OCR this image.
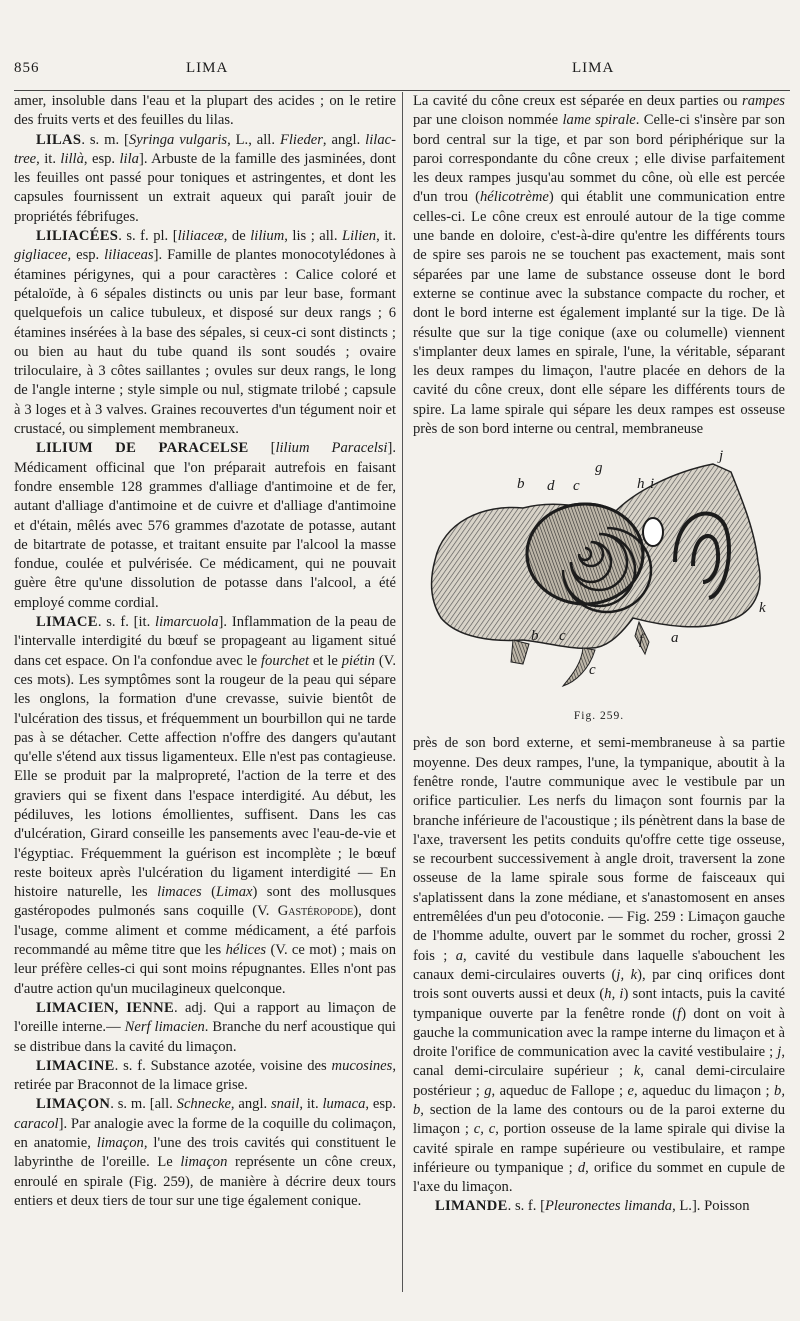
856	LIMA	LIMA

amer, insoluble dans l'eau et la plupart des acides ; on le retire des fruits verts et des feuilles du lilas.

LILAS. s. m. [Syringa vulgaris, L., all. Flieder, angl. lilac-tree, it. lillà, esp. lila]. Arbuste de la famille des jasminées, dont les feuilles ont passé pour toniques et astringentes, et dont les capsules fournissent un extrait aqueux qui paraît jouir de propriétés fébrifuges.

LILIACÉES. s. f. pl. [liliaceæ, de lilium, lis ; all. Lilien, it. gigliacee, esp. liliaceas]. Famille de plantes monocotylédones à étamines périgynes, qui a pour caractères : Calice coloré et pétaloïde, à 6 sépales distincts ou unis par leur base, formant quelquefois un calice tubuleux, et disposé sur deux rangs ; 6 étamines insérées à la base des sépales, si ceux-ci sont distincts ; ou bien au haut du tube quand ils sont soudés ; ovaire triloculaire, à 3 côtes saillantes ; ovules sur deux rangs, le long de l'angle interne ; style simple ou nul, stigmate trilobé ; capsule à 3 loges et à 3 valves. Graines recouvertes d'un tégument noir et crustacé, ou simplement membraneux.

LILIUM DE PARACELSE [lilium Paracelsi]. Médicament officinal que l'on préparait autrefois en faisant fondre ensemble 128 grammes d'alliage d'antimoine et de fer, autant d'alliage d'antimoine et de cuivre et d'alliage d'antimoine et d'étain, mêlés avec 576 grammes d'azotate de potasse, autant de bitartrate de potasse, et traitant ensuite par l'alcool la masse fondue, coulée et pulvérisée. Ce médicament, qui ne pouvait guère être qu'une dissolution de potasse dans l'alcool, a été employé comme cordial.

LIMACE. s. f. [it. limarcuola]. Inflammation de la peau de l'intervalle interdigité du bœuf se propageant au ligament situé dans cet espace. On l'a confondue avec le fourchet et le piétin (V. ces mots). Les symptômes sont la rougeur de la peau qui sépare les onglons, la formation d'une crevasse, suivie bientôt de l'ulcération des tissus, et fréquemment un bourbillon qui ne tarde pas à se détacher. Cette affection n'offre des dangers qu'autant qu'elle s'étend aux tissus ligamenteux. Elle n'est pas contagieuse. Elle se produit par la malpropreté, l'action de la terre et des graviers qui se fixent dans l'espace interdigité. Au début, les pédiluves, les lotions émollientes, suffisent. Dans les cas d'ulcération, Girard conseille les pansements avec l'eau-de-vie et l'égyptiac. Fréquemment la guérison est incomplète ; le bœuf reste boiteux après l'ulcération du ligament interdigité — En histoire naturelle, les limaces (Limax) sont des mollusques gastéropodes pulmonés sans coquille (V. Gastéropode), dont l'usage, comme aliment et comme médicament, a été parfois recommandé au même titre que les hélices (V. ce mot) ; mais on leur préfère celles-ci qui sont moins répugnantes. Elles n'ont pas d'autre action qu'un mucilagineux quelconque.

LIMACIEN, IENNE. adj. Qui a rapport au limaçon de l'oreille interne.— Nerf limacien. Branche du nerf acoustique qui se distribue dans la cavité du limaçon.

LIMACINE. s. f. Substance azotée, voisine des mucosines, retirée par Braconnot de la limace grise.

LIMAÇON. s. m. [all. Schnecke, angl. snail, it. lumaca, esp. caracol]. Par analogie avec la forme de la coquille du colimaçon, en anatomie, limaçon, l'une des trois cavités qui constituent le labyrinthe de l'oreille. Le limaçon représente un cône creux, enroulé en spirale (Fig. 259), de manière à décrire deux tours entiers et deux tiers de tour sur une tige également conique.

La cavité du cône creux est séparée en deux parties ou rampes par une cloison nommée lame spirale. Celle-ci s'insère par son bord central sur la tige, et par son bord périphérique sur la paroi correspondante du cône creux ; elle divise parfaitement les deux rampes jusqu'au sommet du cône, où elle est percée d'un trou (hélicotrème) qui établit une communication entre celles-ci. Le cône creux est enroulé autour de la tige comme une bande en doloire, c'est-à-dire qu'entre les différents tours de spire ses parois ne se touchent pas exactement, mais sont séparées par une lame de substance osseuse dont le bord externe se continue avec la substance compacte du rocher, et dont le bord interne est également implanté sur la tige. De là résulte que sur la tige conique (axe ou columelle) viennent s'implanter deux lames en spirale, l'une, la véritable, séparant les deux rampes du limaçon, l'autre placée en dehors de la cavité du cône creux, dont elle sépare les différents tours de spire. La lame spirale qui sépare les deux rampes est osseuse près de son bord interne ou central, membraneuse

b d c
g
h i
j
k
b c
c
f a
Fig. 259.

près de son bord externe, et semi-membraneuse à sa partie moyenne. Des deux rampes, l'une, la tympanique, aboutit à la fenêtre ronde, l'autre communique avec le vestibule par un orifice particulier. Les nerfs du limaçon sont fournis par la branche inférieure de l'acoustique ; ils pénètrent dans la base de l'axe, traversent les petits conduits qu'offre cette tige osseuse, se recourbent successivement à angle droit, traversent la zone osseuse de la lame spirale sous forme de faisceaux qui s'aplatissent dans la zone médiane, et s'anastomosent en anses entremêlées d'un peu d'otoconie. — Fig. 259 : Limaçon gauche de l'homme adulte, ouvert par le sommet du rocher, grossi 2 fois ; a, cavité du vestibule dans laquelle s'abouchent les canaux demi-circulaires ouverts (j, k), par cinq orifices dont trois sont ouverts aussi et deux (h, i) sont intacts, puis la cavité tympanique ouverte par la fenêtre ronde (f) dont on voit à gauche la communication avec la rampe interne du limaçon et à droite l'orifice de communication avec la cavité vestibulaire ; j, canal demi-circulaire supérieur ; k, canal demi-circulaire postérieur ; g, aqueduc de Fallope ; e, aqueduc du limaçon ; b, b, section de la lame des contours ou de la paroi externe du limaçon ; c, c, portion osseuse de la lame spirale qui divise la cavité spirale en rampe supérieure ou vestibulaire, et rampe inférieure ou tympanique ; d, orifice du sommet en cupule de l'axe du limaçon.

LIMANDE. s. f. [Pleuronectes limanda, L.]. Poisson
